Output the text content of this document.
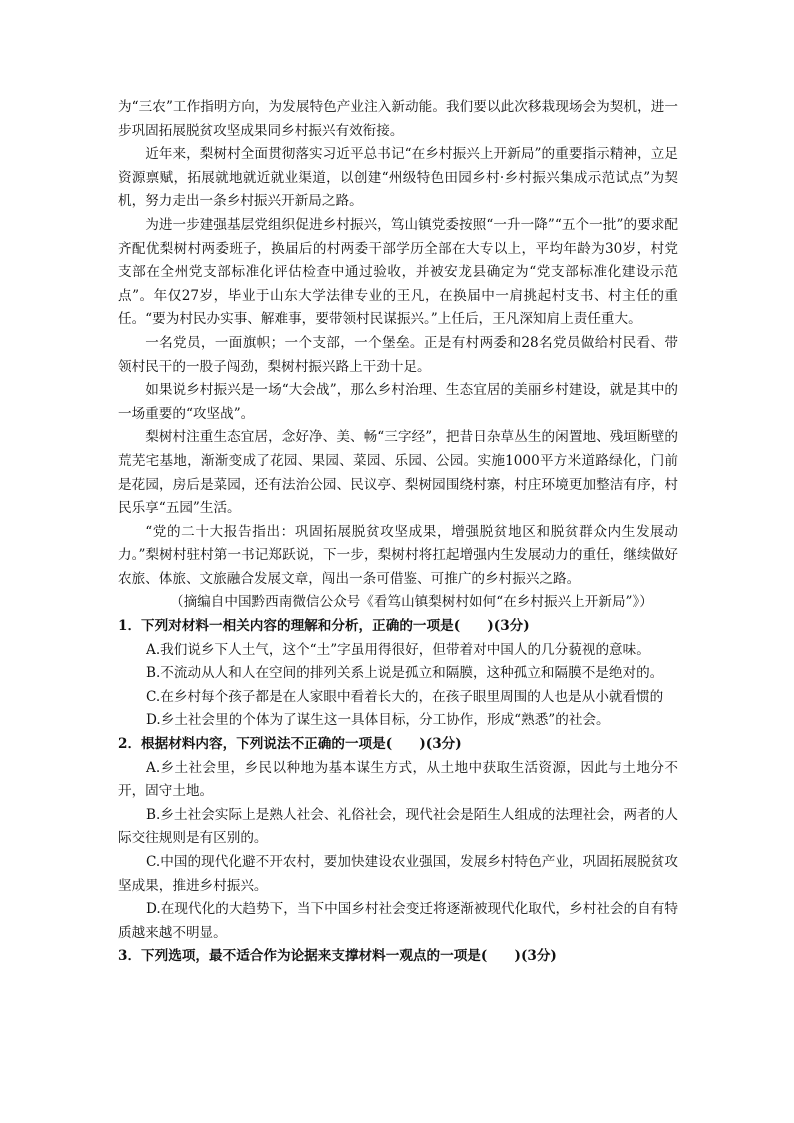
为“三农”工作指明方向，为发展特色产业注入新动能。我们要以此次移栽现场会为契机，进一步巩固拓展脱贫攻坚成果同乡村振兴有效衔接。

近年来，梨树村全面贯彻落实习近平总书记“在乡村振兴上开新局”的重要指示精神，立足资源禀赋，拓展就地就近就业渠道，以创建“州级特色田园乡村·乡村振兴集成示范试点”为契机，努力走出一条乡村振兴开新局之路。

为进一步建强基层党组织促进乡村振兴，笃山镇党委按照“一升一降”“五个一批”的要求配齐配优梨树村两委班子，换届后的村两委干部学历全部在大专以上，平均年龄为30岁，村党支部在全州党支部标准化评估检查中通过验收，并被安龙县确定为“党支部标准化建设示范点”。年仅27岁，毕业于山东大学法律专业的王凡，在换届中一肩挑起村支书、村主任的重任。“要为村民办实事、解难事，要带领村民谋振兴。”上任后，王凡深知肩上责任重大。

一名党员，一面旗帜；一个支部，一个堡垒。正是有村两委和28名党员做给村民看、带领村民干的一股子闯劲，梨树村振兴路上干劲十足。

如果说乡村振兴是一场“大会战”，那么乡村治理、生态宜居的美丽乡村建设，就是其中的一场重要的“攻坚战”。

梨树村注重生态宜居，念好净、美、畅“三字经”，把昔日杂草丛生的闲置地、残垣断壁的荒芜宅基地，渐渐变成了花园、果园、菜园、乐园、公园。实施1000平方米道路绿化，门前是花园，房后是菜园，还有法治公园、民议亭、梨树园围绕村寨，村庄环境更加整洁有序，村民乐享“五园”生活。

“党的二十大报告指出：巩固拓展脱贫攻坚成果，增强脱贫地区和脱贫群众内生发展动力。”梨树村驻村第一书记郑跃说，下一步，梨树村将扛起增强内生发展动力的重任，继续做好农旅、体旅、文旅融合发展文章，闯出一条可借鉴、可推广的乡村振兴之路。

（摘编自中国黔西南微信公众号《看笃山镇梨树村如何“在乡村振兴上开新局”》）

1．下列对材料一相关内容的理解和分析，正确的一项是(　　)(3分)

A.我们说乡下人土气，这个“土”字虽用得很好，但带着对中国人的几分藐视的意味。

B.不流动从人和人在空间的排列关系上说是孤立和隔膜，这种孤立和隔膜不是绝对的。

C.在乡村每个孩子都是在人家眼中看着长大的，在孩子眼里周围的人也是从小就看惯的

D.乡土社会里的个体为了谋生这一具体目标，分工协作，形成“熟悉”的社会。

2．根据材料内容，下列说法不正确的一项是(　　)(3分)

A.乡土社会里，乡民以种地为基本谋生方式，从土地中获取生活资源，因此与土地分不开，固守土地。

B.乡土社会实际上是熟人社会、礼俗社会，现代社会是陌生人组成的法理社会，两者的人际交往规则是有区别的。

C.中国的现代化避不开农村，要加快建设农业强国，发展乡村特色产业，巩固拓展脱贫攻坚成果，推进乡村振兴。

D.在现代化的大趋势下，当下中国乡村社会变迁将逐渐被现代化取代，乡村社会的自有特质越来越不明显。

3．下列选项，最不适合作为论据来支撑材料一观点的一项是(　　)(3分)
